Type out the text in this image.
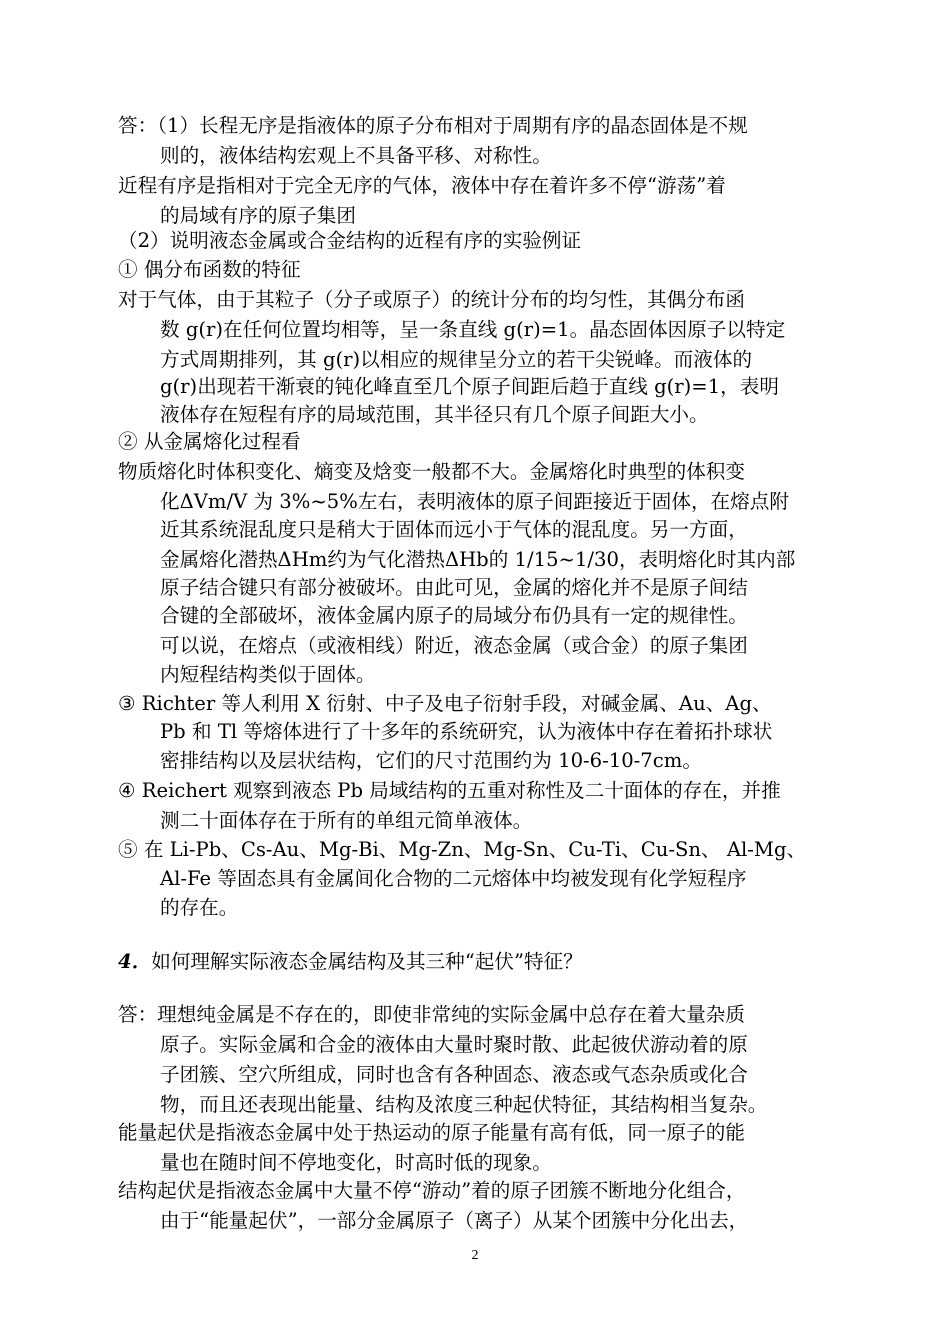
答：（1）长程无序是指液体的原子分布相对于周期有序的晶态固体是不规
则的，液体结构宏观上不具备平移、对称性。
近程有序是指相对于完全无序的气体，液体中存在着许多不停“游荡”着
的局域有序的原子集团
（2）说明液态金属或合金结构的近程有序的实验例证
① 偶分布函数的特征
对于气体，由于其粒子（分子或原子）的统计分布的均匀性，其偶分布函
数 g(r)在任何位置均相等，呈一条直线 g(r)=1。晶态固体因原子以特定
方式周期排列，其 g(r)以相应的规律呈分立的若干尖锐峰。而液体的
g(r)出现若干渐衰的钝化峰直至几个原子间距后趋于直线 g(r)=1，表明
液体存在短程有序的局域范围，其半径只有几个原子间距大小。
② 从金属熔化过程看
物质熔化时体积变化、熵变及焓变一般都不大。金属熔化时典型的体积变
化ΔVm/V 为 3%~5%左右，表明液体的原子间距接近于固体，在熔点附
近其系统混乱度只是稍大于固体而远小于气体的混乱度。另一方面，
金属熔化潜热ΔHm约为气化潜热ΔHb的 1/15~1/30，表明熔化时其内部
原子结合键只有部分被破坏。由此可见，金属的熔化并不是原子间结
合键的全部破坏，液体金属内原子的局域分布仍具有一定的规律性。
可以说，在熔点（或液相线）附近，液态金属（或合金）的原子集团
内短程结构类似于固体。
③ Richter 等人利用 X 衍射、中子及电子衍射手段，对碱金属、Au、Ag、
Pb 和 Tl 等熔体进行了十多年的系统研究，认为液体中存在着拓扑球状
密排结构以及层状结构，它们的尺寸范围约为 10-6-10-7cm。
④ Reichert 观察到液态 Pb 局域结构的五重对称性及二十面体的存在，并推
测二十面体存在于所有的单组元简单液体。
⑤ 在 Li-Pb、Cs-Au、Mg-Bi、Mg-Zn、Mg-Sn、Cu-Ti、Cu-Sn、 Al-Mg、
Al-Fe 等固态具有金属间化合物的二元熔体中均被发现有化学短程序
的存在。
答：理想纯金属是不存在的，即使非常纯的实际金属中总存在着大量杂质
原子。实际金属和合金的液体由大量时聚时散、此起彼伏游动着的原
子团簇、空穴所组成，同时也含有各种固态、液态或气态杂质或化合
物，而且还表现出能量、结构及浓度三种起伏特征，其结构相当复杂。
能量起伏是指液态金属中处于热运动的原子能量有高有低，同一原子的能
量也在随时间不停地变化，时高时低的现象。
结构起伏是指液态金属中大量不停“游动”着的原子团簇不断地分化组合，
由于“能量起伏”，一部分金属原子（离子）从某个团簇中分化出去，
4．如何理解实际液态金属结构及其三种“起伏”特征？
2
